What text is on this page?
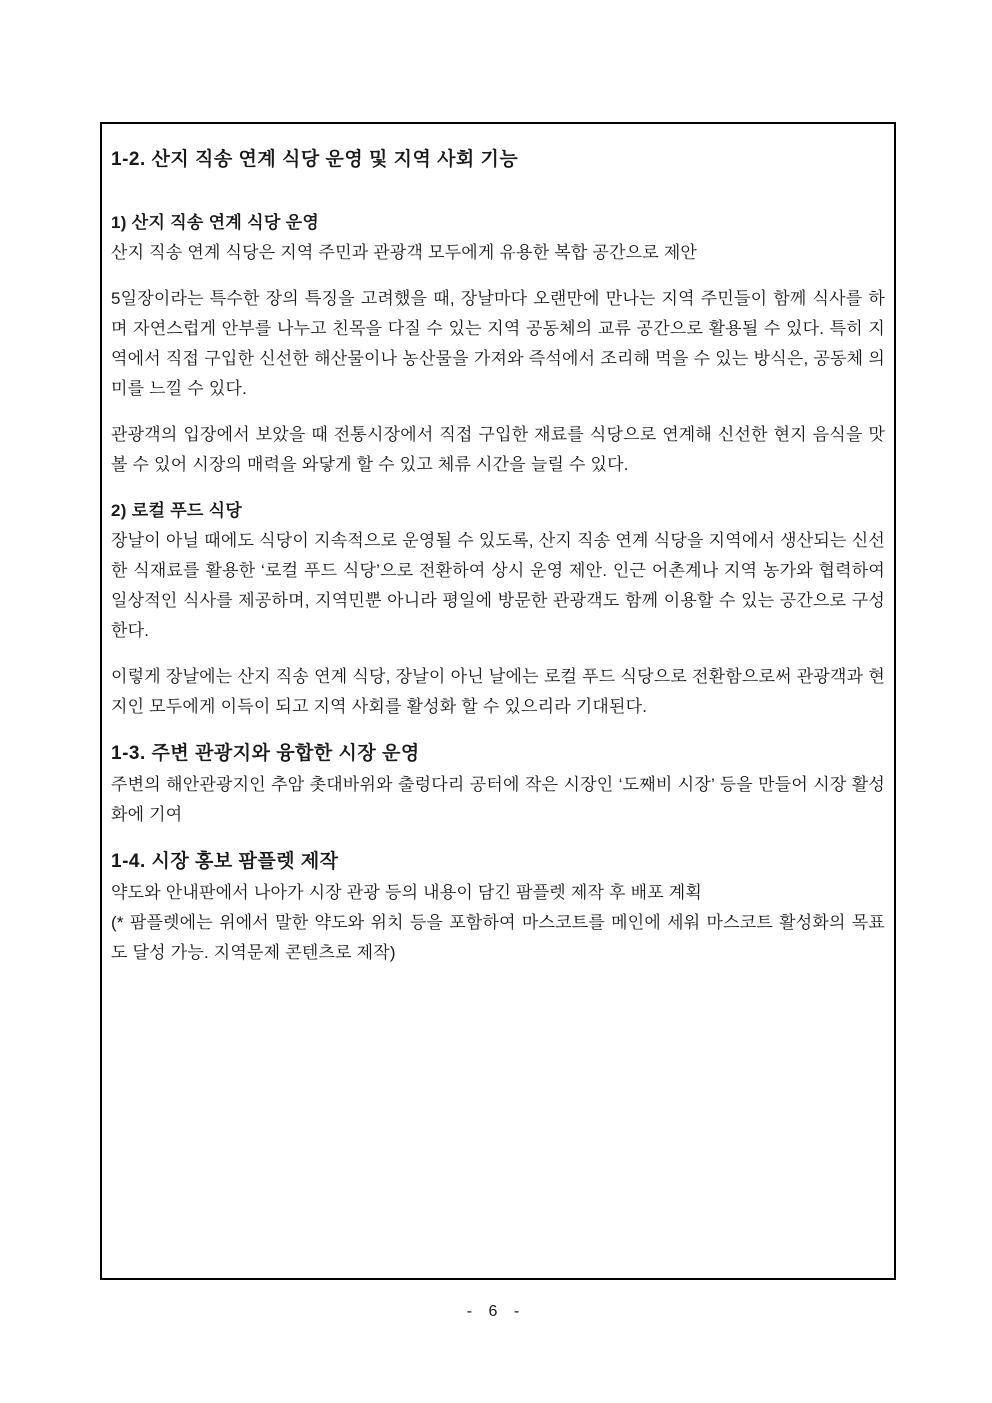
1-2. 산지 직송 연계 식당 운영 및 지역 사회 기능
1) 산지 직송 연계 식당 운영
산지 직송 연계 식당은 지역 주민과 관광객 모두에게 유용한 복합 공간으로 제안
5일장이라는 특수한 장의 특징을 고려했을 때, 장날마다 오랜만에 만나는 지역 주민들이 함께 식사를 하며 자연스럽게 안부를 나누고 친목을 다질 수 있는 지역 공동체의 교류 공간으로 활용될 수 있다. 특히 지역에서 직접 구입한 신선한 해산물이나 농산물을 가져와 즉석에서 조리해 먹을 수 있는 방식은, 공동체 의미를 느낄 수 있다.
관광객의 입장에서 보았을 때 전통시장에서 직접 구입한 재료를 식당으로 연계해 신선한 현지 음식을 맛 볼 수 있어 시장의 매력을 와닿게 할 수 있고 체류 시간을 늘릴 수 있다.
2) 로컬 푸드 식당
장날이 아닐 때에도 식당이 지속적으로 운영될 수 있도록, 산지 직송 연계 식당을 지역에서 생산되는 신선한 식재료를 활용한 ‘로컬 푸드 식당’으로 전환하여 상시 운영 제안. 인근 어촌계나 지역 농가와 협력하여 일상적인 식사를 제공하며, 지역민뿐 아니라 평일에 방문한 관광객도 함께 이용할 수 있는 공간으로 구성한다.
이렇게 장날에는 산지 직송 연계 식당, 장날이 아닌 날에는 로컬 푸드 식당으로 전환함으로써 관광객과 현지인 모두에게 이득이 되고 지역 사회를 활성화 할 수 있으리라 기대된다.
1-3. 주변 관광지와 융합한 시장 운영
주변의 해안관광지인 추암 촛대바위와 출렁다리 공터에 작은 시장인 ‘도째비 시장’ 등을 만들어 시장 활성화에 기여
1-4. 시장 홍보 팜플렛 제작
약도와 안내판에서 나아가 시장 관광 등의 내용이 담긴 팜플렛 제작 후 배포 계획
(* 팜플렛에는 위에서 말한 약도와 위치 등을 포함하여 마스코트를 메인에 세워 마스코트 활성화의 목표도 달성 가능. 지역문제 콘텐츠로 제작)
- 6 -
